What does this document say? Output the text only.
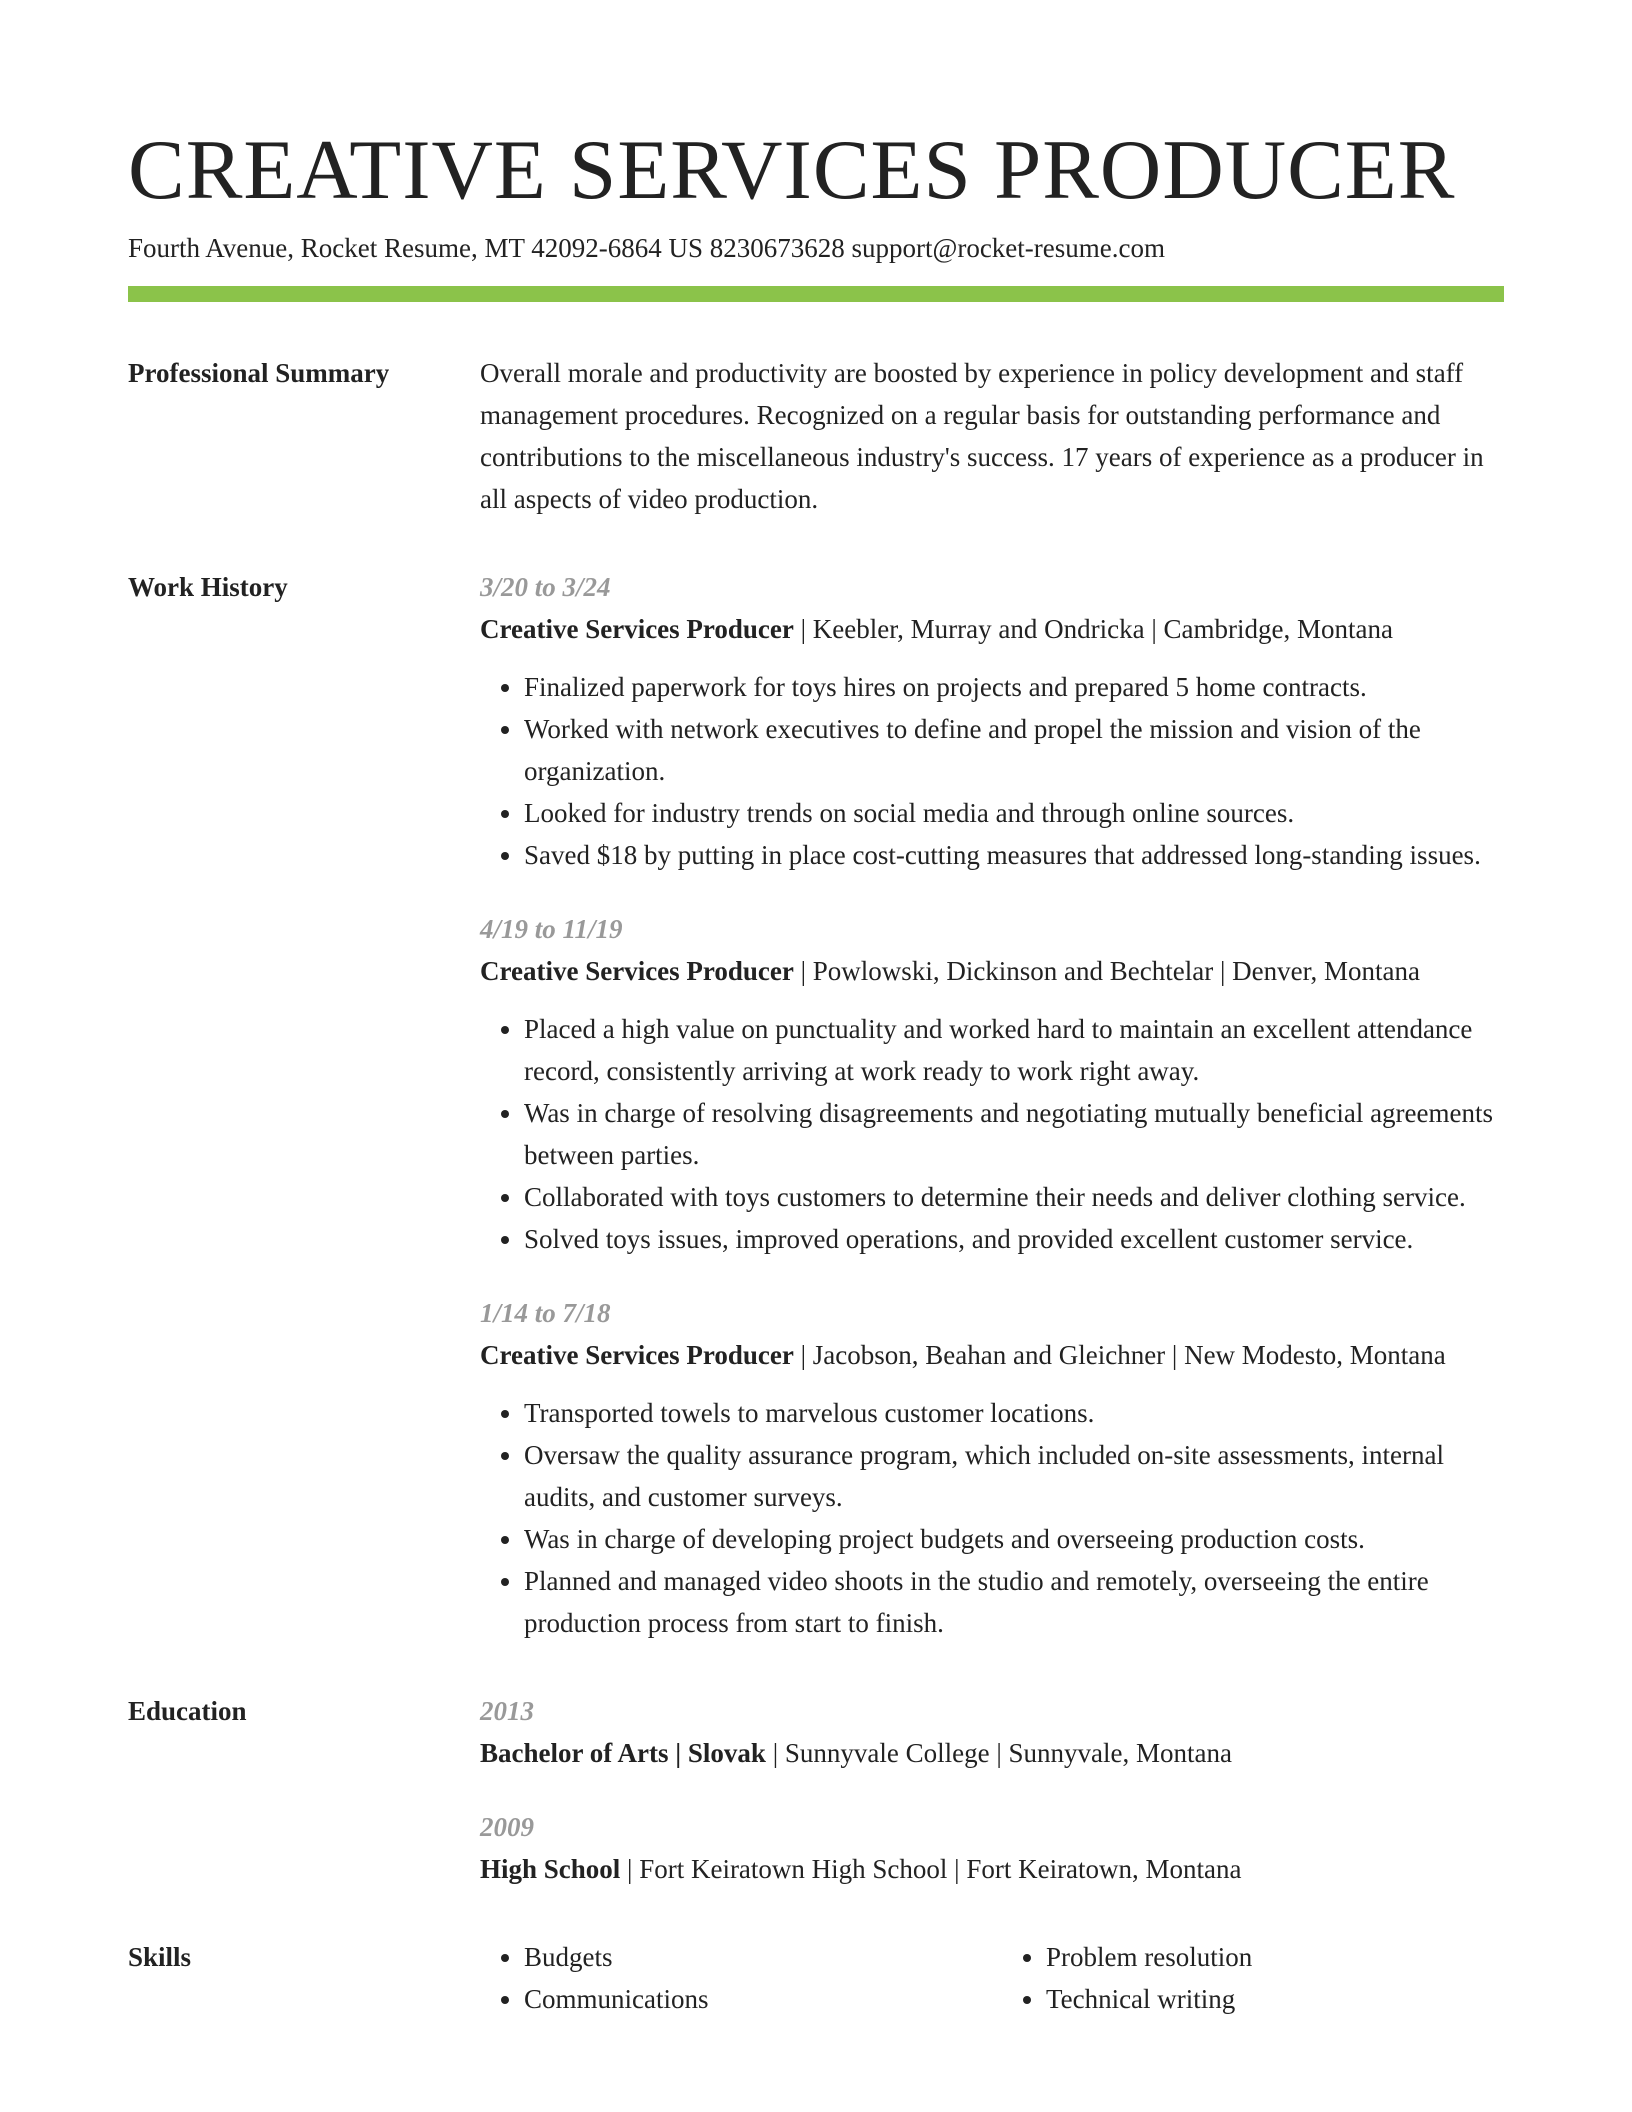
CREATIVE SERVICES PRODUCER
Fourth Avenue, Rocket Resume, MT 42092-6864 US 8230673628 support@rocket-resume.com
Professional Summary	Overall morale and productivity are boosted by experience in policy development and staff management procedures. Recognized on a regular basis for outstanding performance and contributions to the miscellaneous industry's success. 17 years of experience as a producer in all aspects of video production.
Work History	3/20 to 3/24
Creative Services Producer | Keebler, Murray and Ondricka | Cambridge, Montana
• Finalized paperwork for toys hires on projects and prepared 5 home contracts.
• Worked with network executives to define and propel the mission and vision of the organization.
• Looked for industry trends on social media and through online sources.
• Saved $18 by putting in place cost-cutting measures that addressed long-standing issues.
4/19 to 11/19
Creative Services Producer | Powlowski, Dickinson and Bechtelar | Denver, Montana
• Placed a high value on punctuality and worked hard to maintain an excellent attendance record, consistently arriving at work ready to work right away.
• Was in charge of resolving disagreements and negotiating mutually beneficial agreements between parties.
• Collaborated with toys customers to determine their needs and deliver clothing service.
• Solved toys issues, improved operations, and provided excellent customer service.
1/14 to 7/18
Creative Services Producer | Jacobson, Beahan and Gleichner | New Modesto, Montana
• Transported towels to marvelous customer locations.
• Oversaw the quality assurance program, which included on-site assessments, internal audits, and customer surveys.
• Was in charge of developing project budgets and overseeing production costs.
• Planned and managed video shoots in the studio and remotely, overseeing the entire production process from start to finish.
Education	2013
Bachelor of Arts | Slovak | Sunnyvale College | Sunnyvale, Montana
2009
High School | Fort Keiratown High School | Fort Keiratown, Montana
Skills
•	Budgets
• Communications
• Problem resolution
• Technical writing
